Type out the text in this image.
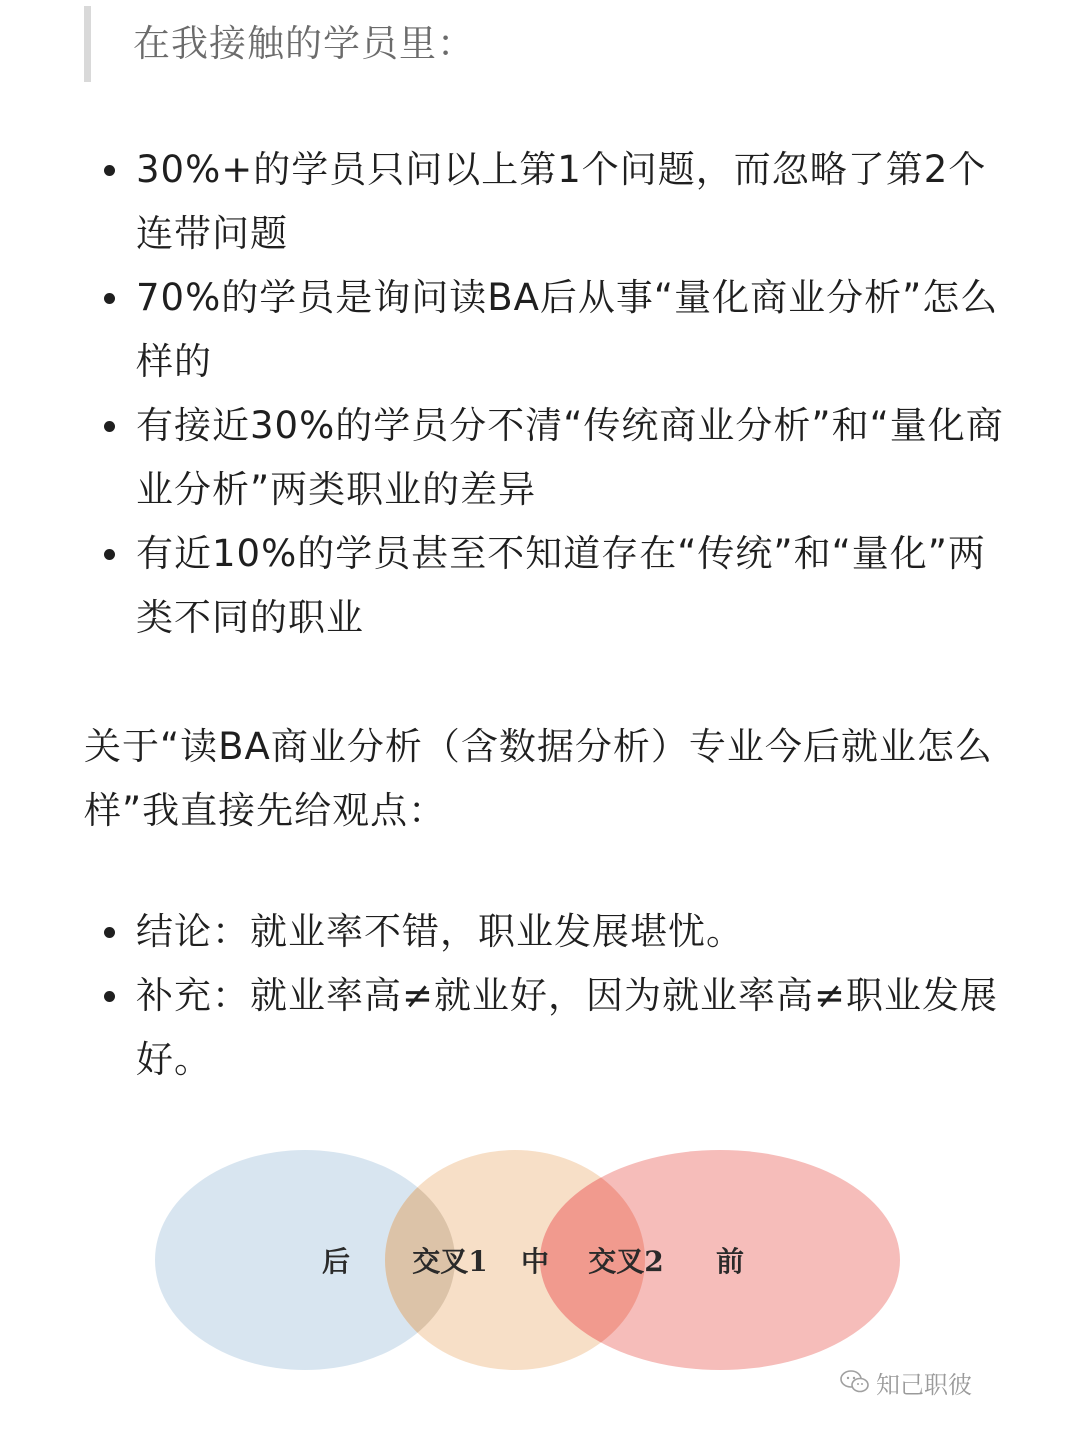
在我接触的学员里：
30%+的学员只问以上第1个问题，而忽略了第2个连带问题
70%的学员是询问读BA后从事“量化商业分析”怎么样的
有接近30%的学员分不清“传统商业分析”和“量化商业分析”两类职业的差异
有近10%的学员甚至不知道存在“传统”和“量化”两类不同的职业
关于“读BA商业分析（含数据分析）专业今后就业怎么样”我直接先给观点：
结论：就业率不错，职业发展堪忧。
补充：就业率高≠就业好，因为就业率高≠职业发展好。
后 交叉1 中 交叉2 前
知己职彼
